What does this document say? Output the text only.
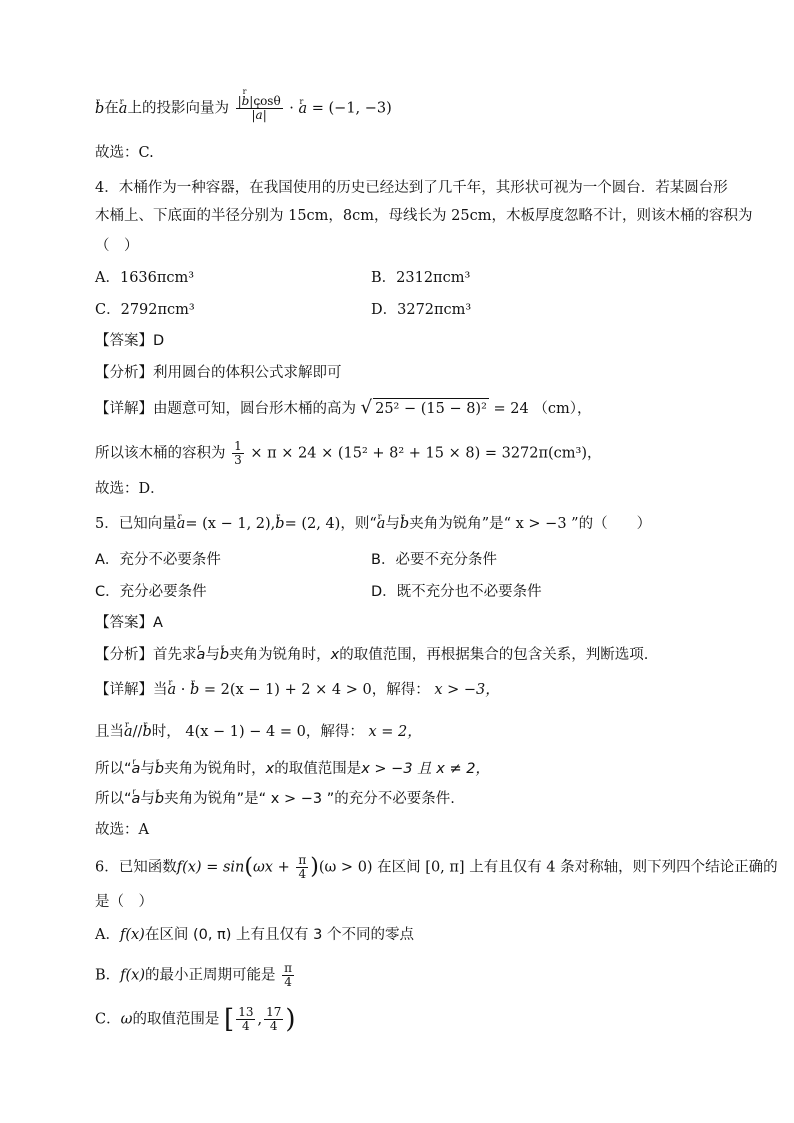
r b在r a上的投影向量为 $\frac{\text{|r b|cosθ}}{\text{|r a|}} \cdot r$ a = (−1, −3)
故选：C.
4．木桶作为一种容器，在我国使用的历史已经达到了几千年，其形状可视为一个圆台．若某圆台形
木桶上、下底面的半径分别为 15cm，8cm，母线长为 25cm，木板厚度忽略不计，则该木桶的容积为
（　）
A．1636πcm³	B．2312πcm³
C．2792πcm³	D．3272πcm³
【答案】D
【分析】利用圆台的体积公式求解即可
【详解】由题意可知，圆台形木桶的高为 √ 25² − (15 − 8)² = 24 （cm），
所以该木桶的容积为 $\frac{1}{3} \times \pi \times 24 \times (15^2 + 8^2 + 15 \times 8) = 3272\pi(cm^3)$，
故选：D．
5．已知向量r a= (x − 1, 2),r b= (2, 4)，则“r a与r b夹角为锐角”是“ x > −3 ”的（　　）
A．充分不必要条件	B．必要不充分条件
C．充分必要条件	D．既不充分也不必要条件
【答案】A
【分析】首先求r a与r b夹角为锐角时，x的取值范围，再根据集合的包含关系，判断选项.
【详解】当r a · r b = 2(x − 1) + 2 × 4 > 0，解得： x > −3，
且当r a//r b时， 4(x − 1) − 4 = 0，解得： x = 2，
所以“r a与r b夹角为锐角时，x的取值范围是x > −3 且 x ≠ 2，
所以“r a与r b夹角为锐角”是“ x > −3 ”的充分不必要条件.
故选：A
6．已知函数$f(x) = \sin(\omega x + \frac{\pi}{4} )(\omega > 0)$ 在区间 [0, π] 上有且仅有 4 条对称轴，则下列四个结论正确的
是（　）
A．f(x)在区间 (0, π) 上有且仅有 3 个不同的零点
B．f(x)的最小正周期可能是 $\frac{\pi}{4}$
C．ω的取值范围是 [ $\frac{13}{4}$ , $\frac{17}{4}$ )
